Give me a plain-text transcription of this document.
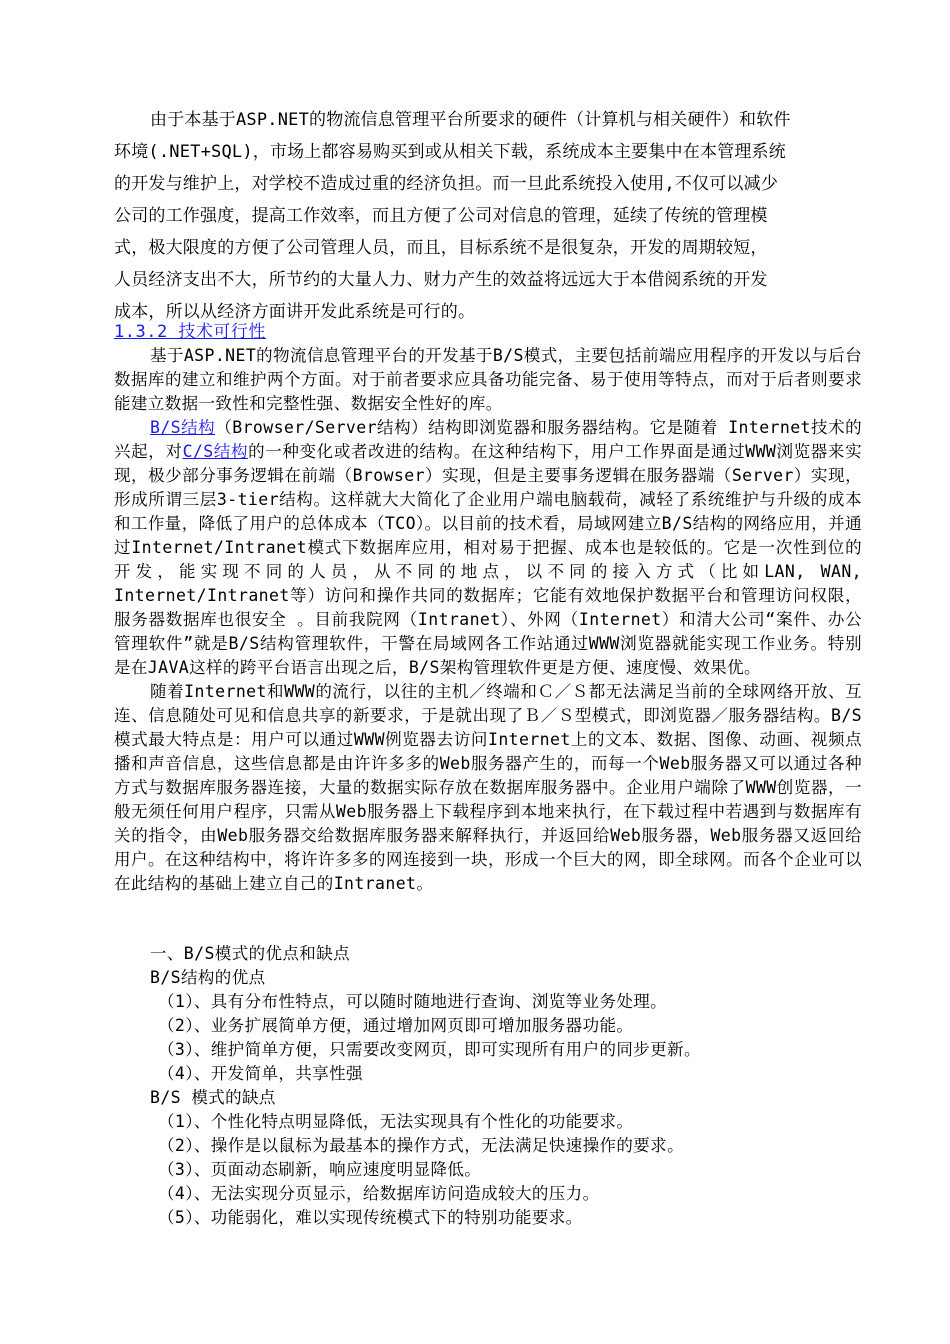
由于本基于ASP.NET的物流信息管理平台所要求的硬件（计算机与相关硬件）和软件
环境(.NET+SQL)，市场上都容易购买到或从相关下载，系统成本主要集中在本管理系统
的开发与维护上，对学校不造成过重的经济负担。而一旦此系统投入使用,不仅可以减少
公司的工作强度，提高工作效率，而且方便了公司对信息的管理，延续了传统的管理模
式，极大限度的方便了公司管理人员，而且，目标系统不是很复杂，开发的周期较短，
人员经济支出不大，所节约的大量人力、财力产生的效益将远远大于本借阅系统的开发
成本，所以从经济方面讲开发此系统是可行的。
1.3.2 技术可行性

基于ASP.NET的物流信息管理平台的开发基于B/S模式，主要包括前端应用程序的开发以与后台数据库的建立和维护两个方面。对于前者要求应具备功能完备、易于使用等特点，而对于后者则要求能建立数据一致性和完整性强、数据安全性好的库。

B/S结构（Browser/Server结构）结构即浏览器和服务器结构。它是随着 Internet技术的兴起，对C/S结构的一种变化或者改进的结构。在这种结构下，用户工作界面是通过WWW浏览器来实现，极少部分事务逻辑在前端（Browser）实现，但是主要事务逻辑在服务器端（Server）实现，形成所谓三层3-tier结构。这样就大大简化了企业用户端电脑载荷，减轻了系统维护与升级的成本和工作量，降低了用户的总体成本（TCO）。以目前的技术看，局域网建立B/S结构的网络应用，并通过Internet/Intranet模式下数据库应用，相对易于把握、成本也是较低的。它是一次性到位的开发，能实现不同的人员，从不同的地点，以不同的接入方式（比如LAN, WAN, Internet/Intranet等）访问和操作共同的数据库；它能有效地保护数据平台和管理访问权限，服务器数据库也很安全 。目前我院网（Intranet）、外网（Internet）和清大公司“案件、办公管理软件”就是B/S结构管理软件，干警在局域网各工作站通过WWW浏览器就能实现工作业务。特别是在JAVA这样的跨平台语言出现之后，B/S架构管理软件更是方便、速度慢、效果优。

随着Internet和WWW的流行，以往的主机／终端和Ｃ／Ｓ都无法满足当前的全球网络开放、互连、信息随处可见和信息共享的新要求，于是就出现了Ｂ／Ｓ型模式，即浏览器／服务器结构。B/S模式最大特点是：用户可以通过WWW例览器去访问Internet上的文本、数据、图像、动画、视频点播和声音信息，这些信息都是由许许多多的Web服务器产生的，而每一个Web服务器又可以通过各种方式与数据库服务器连接，大量的数据实际存放在数据库服务器中。企业用户端除了WWW创览器，一般无须任何用户程序，只需从Web服务器上下载程序到本地来执行，在下载过程中若遇到与数据库有关的指令，由Web服务器交给数据库服务器来解释执行，并返回给Web服务器，Web服务器又返回给用户。在这种结构中，将许许多多的网连接到一块，形成一个巨大的网，即全球网。而各个企业可以在此结构的基础上建立自己的Intranet。

一、B/S模式的优点和缺点
B/S结构的优点
（1）、具有分布性特点，可以随时随地进行查询、浏览等业务处理。
（2）、业务扩展简单方便，通过增加网页即可增加服务器功能。
（3）、维护简单方便，只需要改变网页，即可实现所有用户的同步更新。
（4）、开发简单，共享性强
B/S 模式的缺点
（1）、个性化特点明显降低，无法实现具有个性化的功能要求。
（2）、操作是以鼠标为最基本的操作方式，无法满足快速操作的要求。
（3）、页面动态刷新，响应速度明显降低。
（4）、无法实现分页显示，给数据库访问造成较大的压力。
（5）、功能弱化，难以实现传统模式下的特别功能要求。
